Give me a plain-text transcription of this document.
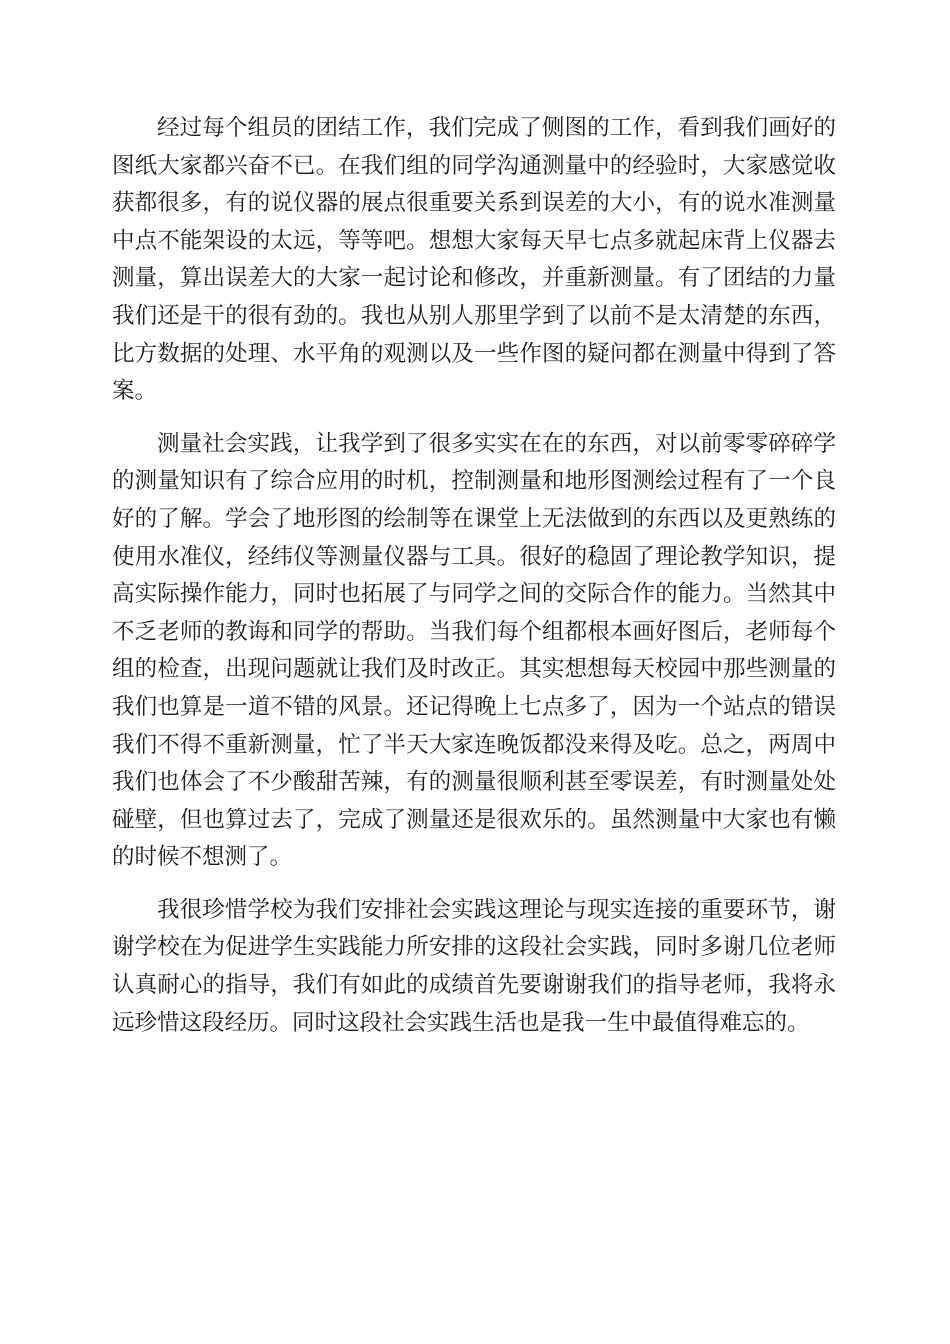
经过每个组员的团结工作，我们完成了侧图的工作，看到我们画好的图纸大家都兴奋不已。在我们组的同学沟通测量中的经验时，大家感觉收获都很多，有的说仪器的展点很重要关系到误差的大小，有的说水准测量中点不能架设的太远，等等吧。想想大家每天早七点多就起床背上仪器去测量，算出误差大的大家一起讨论和修改，并重新测量。有了团结的力量我们还是干的很有劲的。我也从别人那里学到了以前不是太清楚的东西，比方数据的处理、水平角的观测以及一些作图的疑问都在测量中得到了答案。

测量社会实践，让我学到了很多实实在在的东西，对以前零零碎碎学的测量知识有了综合应用的时机，控制测量和地形图测绘过程有了一个良好的了解。学会了地形图的绘制等在课堂上无法做到的东西以及更熟练的使用水准仪，经纬仪等测量仪器与工具。很好的稳固了理论教学知识，提高实际操作能力，同时也拓展了与同学之间的交际合作的能力。当然其中不乏老师的教诲和同学的帮助。当我们每个组都根本画好图后，老师每个组的检查，出现问题就让我们及时改正。其实想想每天校园中那些测量的我们也算是一道不错的风景。还记得晚上七点多了，因为一个站点的错误我们不得不重新测量，忙了半天大家连晚饭都没来得及吃。总之，两周中我们也体会了不少酸甜苦辣，有的测量很顺利甚至零误差，有时测量处处碰壁，但也算过去了，完成了测量还是很欢乐的。虽然测量中大家也有懒的时候不想测了。

我很珍惜学校为我们安排社会实践这理论与现实连接的重要环节，谢谢学校在为促进学生实践能力所安排的这段社会实践，同时多谢几位老师认真耐心的指导，我们有如此的成绩首先要谢谢我们的指导老师，我将永远珍惜这段经历。同时这段社会实践生活也是我一生中最值得难忘的。
